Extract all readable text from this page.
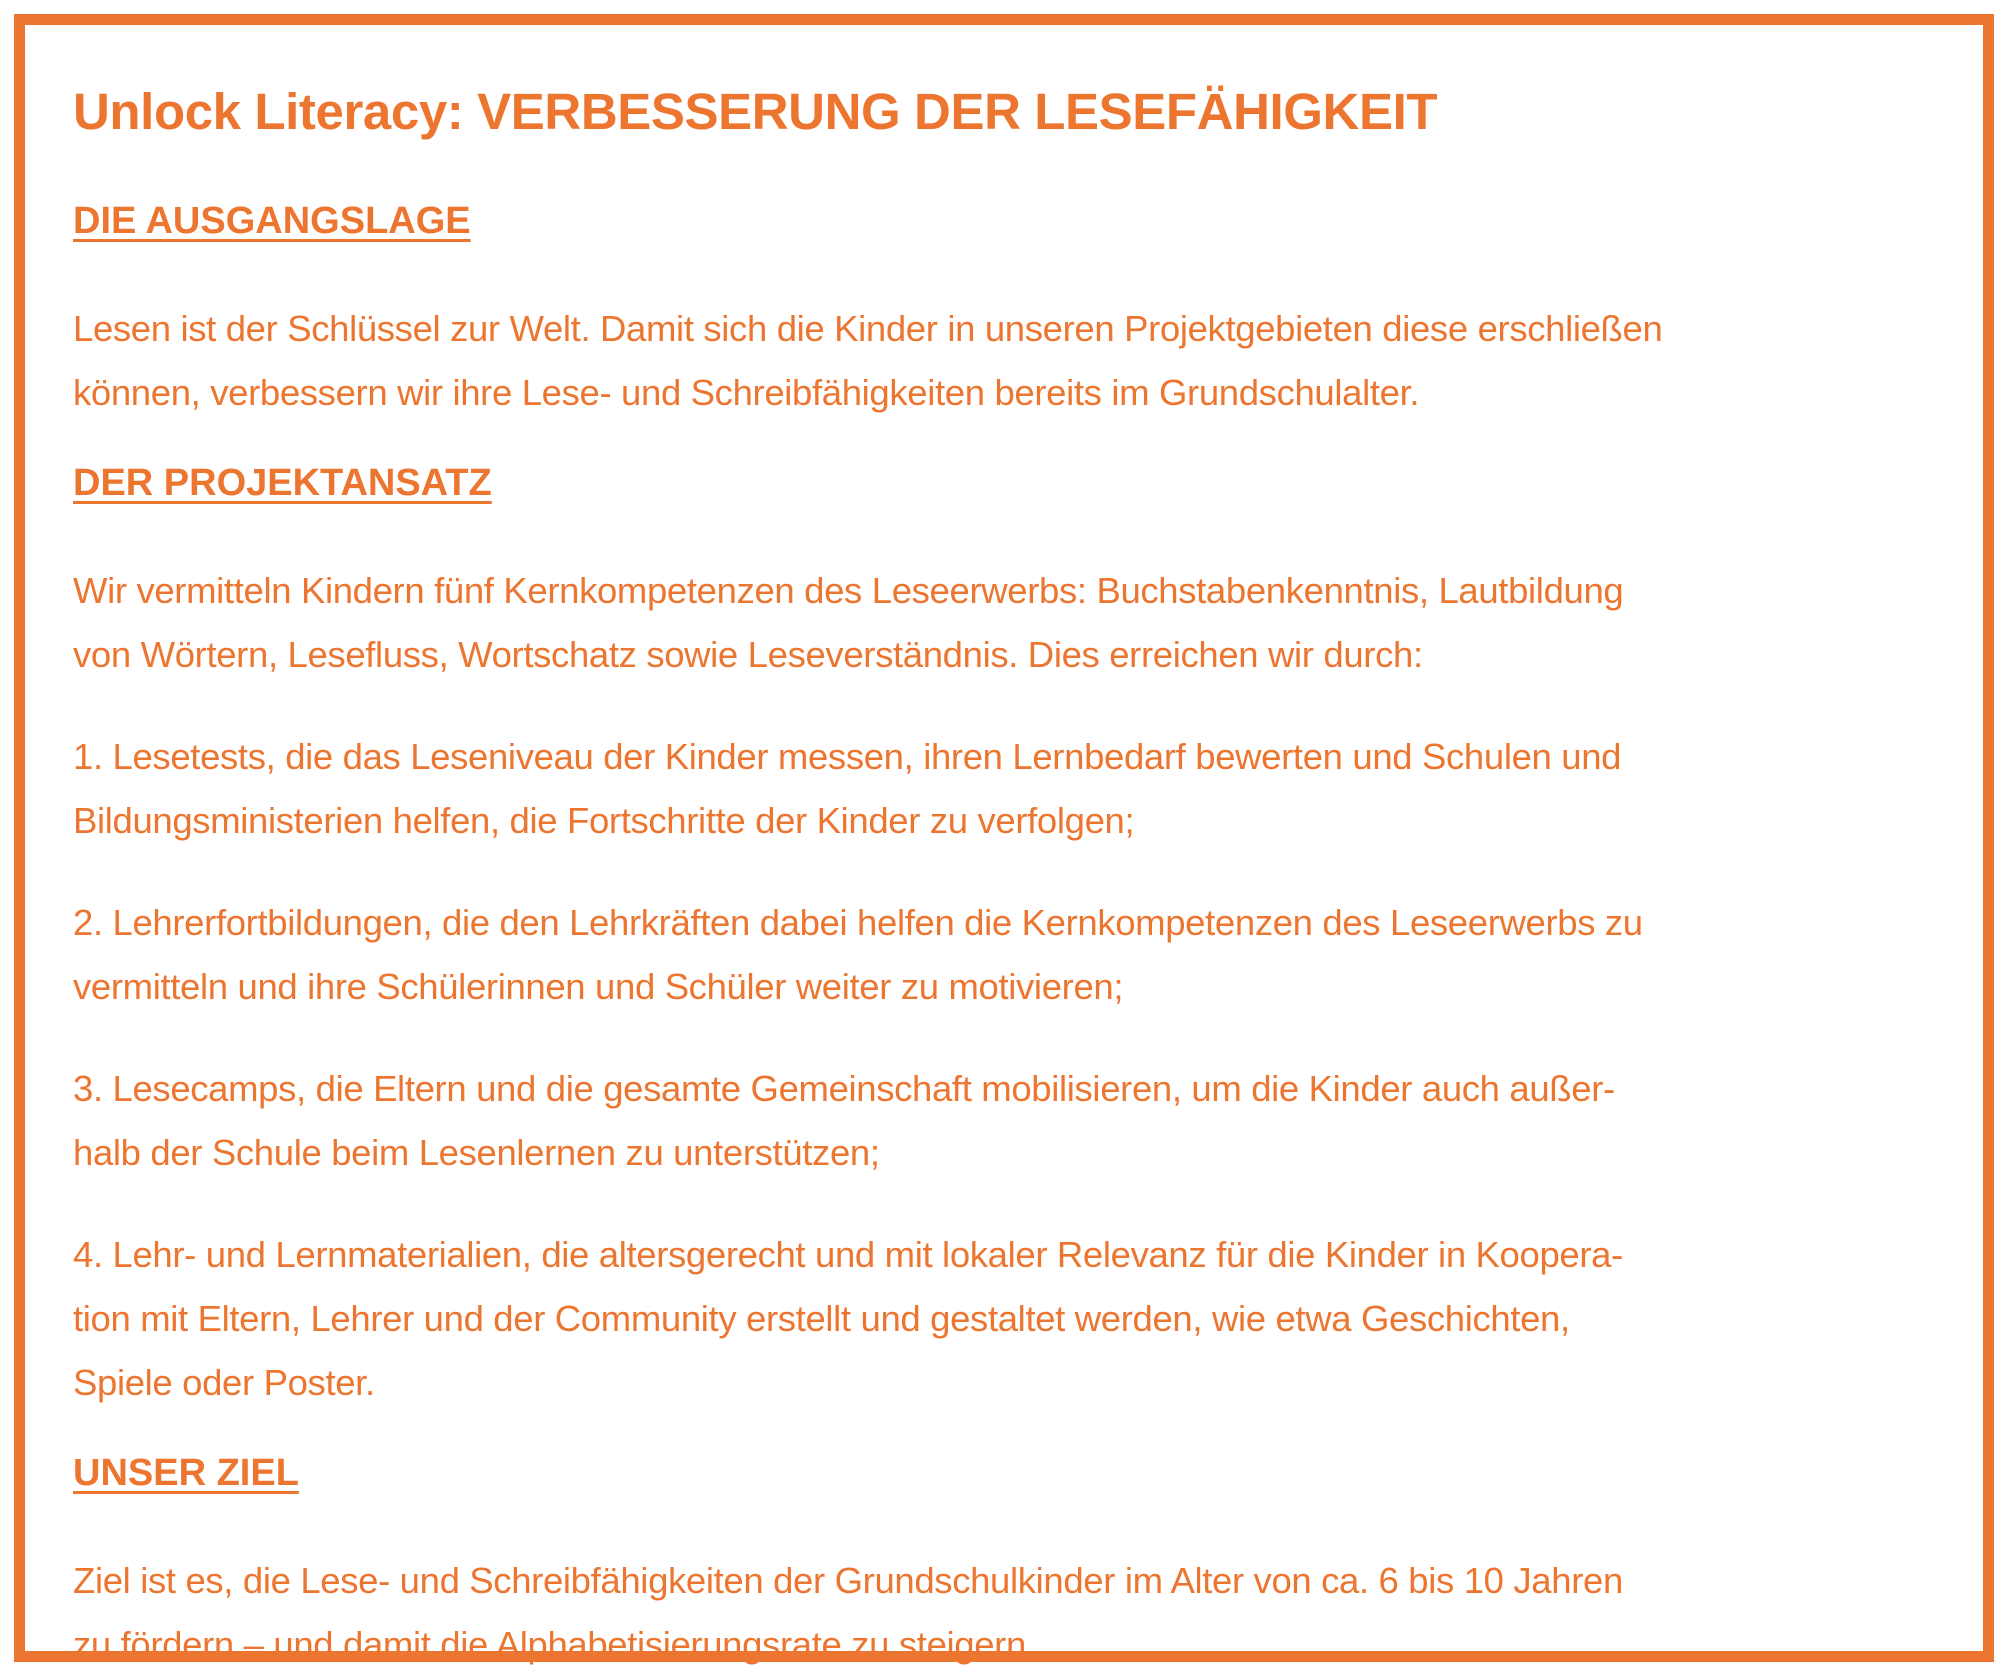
Unlock Literacy: VERBESSERUNG DER LESEFÄHIGKEIT
DIE AUSGANGSLAGE

Lesen ist der Schlüssel zur Welt. Damit sich die Kinder in unseren Projektgebieten diese erschließen
können, verbessern wir ihre Lese- und Schreibfähigkeiten bereits im Grundschulalter.

DER PROJEKTANSATZ

Wir vermitteln Kindern fünf Kernkompetenzen des Leseerwerbs: Buchstabenkenntnis, Lautbildung
von Wörtern, Lesefluss, Wortschatz sowie Leseverständnis. Dies erreichen wir durch:

1. Lesetests, die das Leseniveau der Kinder messen, ihren Lernbedarf bewerten und Schulen und
Bildungsministerien helfen, die Fortschritte der Kinder zu verfolgen;

2. Lehrerfortbildungen, die den Lehrkräften dabei helfen die Kernkompetenzen des Leseerwerbs zu
vermitteln und ihre Schülerinnen und Schüler weiter zu motivieren;

3. Lesecamps, die Eltern und die gesamte Gemeinschaft mobilisieren, um die Kinder auch außer-
halb der Schule beim Lesenlernen zu unterstützen;

4. Lehr- und Lernmaterialien, die altersgerecht und mit lokaler Relevanz für die Kinder in Koopera-
tion mit Eltern, Lehrer und der Community erstellt und gestaltet werden, wie etwa Geschichten,
Spiele oder Poster.

UNSER ZIEL

Ziel ist es, die Lese- und Schreibfähigkeiten der Grundschulkinder im Alter von ca. 6 bis 10 Jahren
zu fördern – und damit die Alphabetisierungsrate zu steigern.
